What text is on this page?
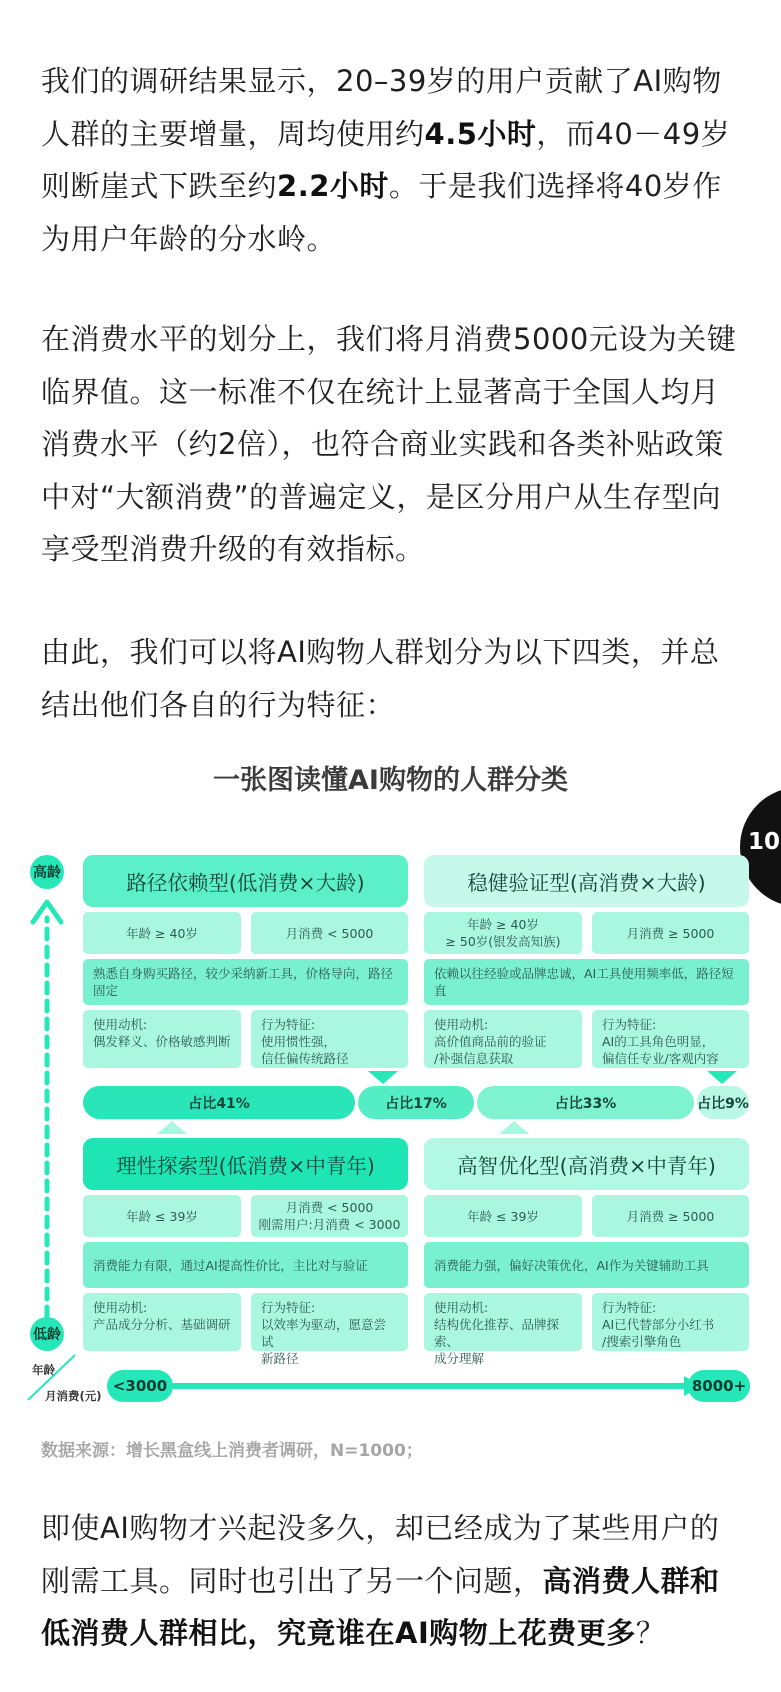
我们的调研结果显示，20–39岁的用户贡献了AI购物人群的主要增量，周均使用约4.5小时，而40－49岁则断崖式下跌至约2.2小时。于是我们选择将40岁作为用户年龄的分水岭。

在消费水平的划分上，我们将月消费5000元设为关键临界值。这一标准不仅在统计上显著高于全国人均月消费水平（约2倍），也符合商业实践和各类补贴政策中对“大额消费”的普遍定义，是区分用户从生存型向享受型消费升级的有效指标。

由此，我们可以将AI购物人群划分为以下四类，并总结出他们各自的行为特征：

一张图读懂AI购物的人群分类
10
高龄
低龄
年龄
月消费(元)
路径依赖型(低消费×大龄)
年龄 ≥ 40岁	月消费 < 5000
熟悉自身购买路径，较少采纳新工具，价格导向，路径固定
使用动机:
偶发释义、价格敏感判断
行为特征:
使用惯性强，
信任偏传统路径
稳健验证型(高消费×大龄)
年龄 ≥ 40岁
≥ 50岁(银发高知族)
月消费 ≥ 5000
依赖以往经验或品牌忠诚，AI工具使用频率低，路径短直
使用动机:
高价值商品前的验证
/补强信息获取
行为特征:
AI的工具角色明显，
偏信任专业/客观内容
占比41%	占比17%	占比33%	占比9%
理性探索型(低消费×中青年)
年龄 ≤ 39岁
月消费 < 5000
刚需用户:月消费 < 3000
消费能力有限，通过AI提高性价比，主比对与验证
使用动机:
产品成分分析、基础调研
行为特征:
以效率为驱动，愿意尝试
新路径
高智优化型(高消费×中青年)
年龄 ≤ 39岁	月消费 ≥ 5000
消费能力强，偏好决策优化，AI作为关键辅助工具
使用动机:
结构优化推荐、品牌探索、
成分理解
行为特征:
AI已代替部分小红书
/搜索引擎角色
<3000	8000+
数据来源：增长黑盒线上消费者调研，N=1000；

即使AI购物才兴起没多久，却已经成为了某些用户的刚需工具。同时也引出了另一个问题，高消费人群和低消费人群相比，究竟谁在AI购物上花费更多？
